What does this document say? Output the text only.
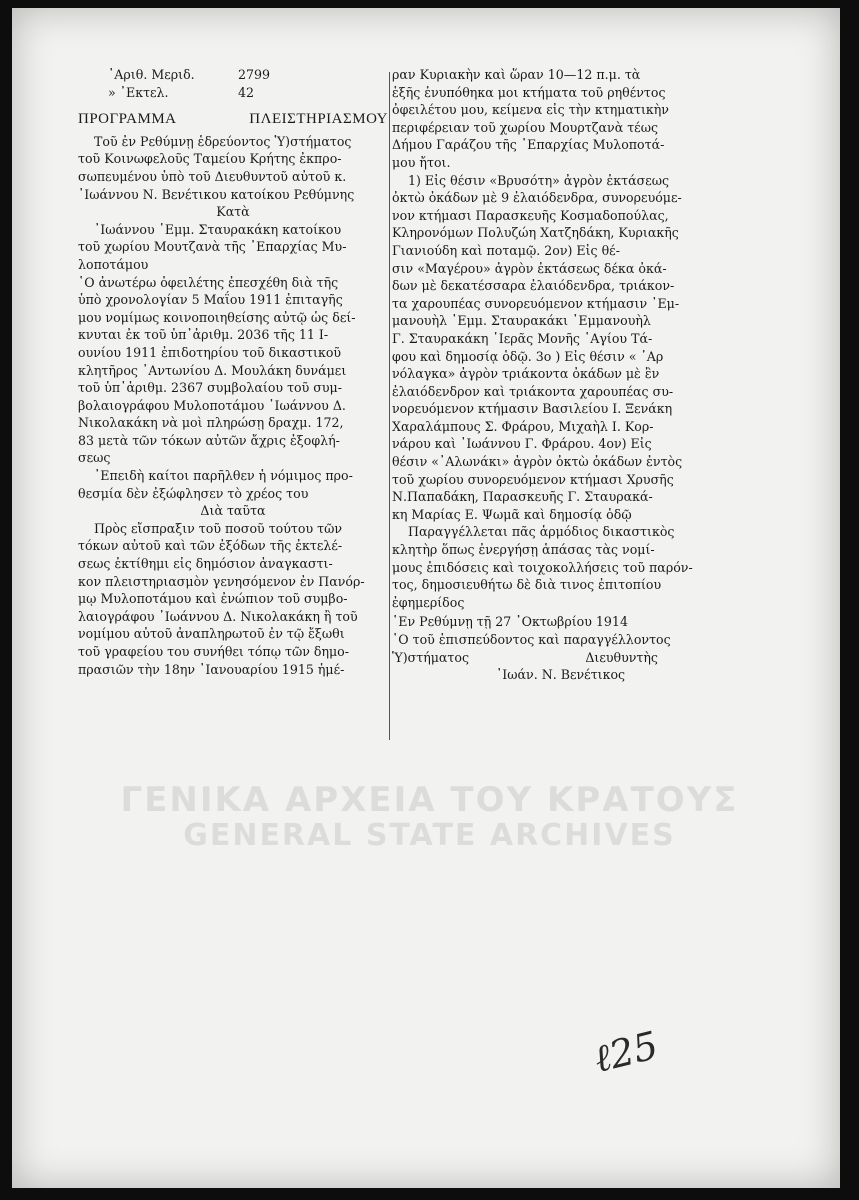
᾽Αριθ. Μεριδ.	2799
» ᾽Εκτελ.	42
ΠΡΟΓΡΑΜΜΑ	ΠΛΕΙΣΤΗΡΙΑΣΜΟΥ
Τοῦ ἐν Ρεθύμνῃ ἑδρεύοντος Ὑ)στήματος
τοῦ Κοινωφελοῦς Ταμείου Κρήτης ἐκπρο-
σωπευμένου ὑπὸ τοῦ Διευθυντοῦ αὐτοῦ κ.
᾽Ιωάννου Ν. Βενέτικου κατοίκου Ρεθύμνης
Κατὰ
᾽Ιωάννου ῾Εμμ. Σταυρακάκη κατοίκου
τοῦ χωρίου Μουτζανὰ τῆς ᾽Επαρχίας Μυ-
λοποτάμου
῾Ο ἀνωτέρω ὀφειλέτης ἐπεσχέθη διὰ τῆς
ὑπὸ χρονολογίαν 5 Μαΐου 1911 ἐπιταγῆς
μου νομίμως κοινοποιηθείσης αὐτῷ ὡς δεί-
κνυται ἐκ τοῦ ὑπ᾽ἀριθμ. 2036 τῆς 11 Ι-
ουνίου 1911 ἐπιδοτηρίου τοῦ δικαστικοῦ
κλητῆρος ᾽Αντωνίου Δ. Μουλάκη δυνάμει
τοῦ ὑπ᾽ἀριθμ. 2367 συμβολαίου τοῦ συμ-
βολαιογράφου Μυλοποτάμου ᾽Ιωάννου Δ.
Νικολακάκη νὰ μοὶ πληρώσῃ δραχμ. 172,
83 μετὰ τῶν τόκων αὐτῶν ἄχρις ἐξοφλή-
σεως
᾽Επειδὴ καίτοι παρῆλθεν ἡ νόμιμος προ-
θεσμία δὲν ἐξώφλησεν τὸ χρέος του
Διὰ ταῦτα
Πρὸς εἴσπραξιν τοῦ ποσοῦ τούτου τῶν
τόκων αὐτοῦ καὶ τῶν ἐξόδων τῆς ἐκτελέ-
σεως ἐκτίθημι εἰς δημόσιον ἀναγκαστι-
κον πλειστηριασμὸν γενησόμενον ἐν Πανόρ-
μῳ Μυλοποτάμου καὶ ἐνώπιον τοῦ συμβο-
λαιογράφου ᾽Ιωάννου Δ. Νικολακάκη ἢ τοῦ
νομίμου αὐτοῦ ἀναπληρωτοῦ ἐν τῷ ἔξωθι
τοῦ γραφείου του συνήθει τόπῳ τῶν δημο-
πρασιῶν τὴν 18ην ᾽Ιανουαρίου 1915 ἡμέ-
ραν Κυριακὴν καὶ ὥραν 10—12 π.μ. τὰ
ἑξῆς ἐνυπόθηκα μοι κτήματα τοῦ ρηθέντος
ὀφειλέτου μου, κείμενα εἰς τὴν κτηματικὴν
περιφέρειαν τοῦ χωρίου Μουρτζανὰ τέως
Δήμου Γαράζου τῆς ᾽Επαρχίας Μυλοποτά-
μου ἤτοι.
1) Εἰς θέσιν «Βρυσότη» ἀγρὸν ἐκτάσεως
ὀκτὼ ὀκάδων μὲ 9 ἐλαιόδενδρα, συνορευόμε-
νον κτήμασι Παρασκευῆς Κοσμαδοπούλας,
Κληρονόμων Πολυζώη Χατζηδάκη, Κυριακῆς
Γιανιούδη καὶ ποταμῷ. 2ον) Εἰς θέ-
σιν «Μαγέρου» ἀγρὸν ἐκτάσεως δέκα ὀκά-
δων μὲ δεκατέσσαρα ἐλαιόδενδρα, τριάκον-
τα χαρουπέας συνορευόμενον κτήμασιν ᾽Εμ-
μανουὴλ ᾽Εμμ. Σταυρακάκι ᾽Εμμανουὴλ
Γ. Σταυρακάκη ῾Ιερᾶς Μονῆς ῾Αγίου Τά-
φου καὶ δημοσίᾳ ὁδῷ. 3ο ) Εἰς θέσιν « ᾽Αρ
νόλαγκα» ἀγρὸν τριάκοντα ὀκάδων μὲ ἓν
ἐλαιόδενδρον καὶ τριάκοντα χαρουπέας συ-
νορευόμενον κτήμασιν Βασιλείου Ι. Ξενάκη
Χαραλάμπους Σ. Φράρου, Μιχαὴλ Ι. Κορ-
νάρου καὶ ᾽Ιωάννου Γ. Φράρου. 4ον) Εἰς
θέσιν «᾽Αλωνάκι» ἀγρὸν ὀκτὼ ὀκάδων ἐντὸς
τοῦ χωρίου συνορευόμενον κτήμασι Χρυσῆς
Ν.Παπαδάκη, Παρασκευῆς Γ. Σταυρακά-
κη Μαρίας Ε. Ψωμᾶ καὶ δημοσίᾳ ὁδῷ
Παραγγέλλεται πᾶς ἁρμόδιος δικαστικὸς
κλητὴρ ὅπως ἐνεργήσῃ ἁπάσας τὰς νομί-
μους ἐπιδόσεις καὶ τοιχοκολλήσεις τοῦ παρόν-
τος, δημοσιευθήτω δὲ διὰ τινος ἐπιτοπίου
ἐφημερίδος
῾Εν Ρεθύμνῃ τῇ 27 ᾽Οκτωβρίου 1914
῾Ο τοῦ ἐπισπεύδοντος καὶ παραγγέλλοντος
Ὑ)στήματος	Διευθυντὴς
᾽Ιωάν. Ν. Βενέτικος
ΓΕΝΙΚΑ ΑΡΧΕΙΑ ΤΟΥ ΚΡΑΤΟΥΣ
GENERAL STATE ARCHIVES
ℓ25
